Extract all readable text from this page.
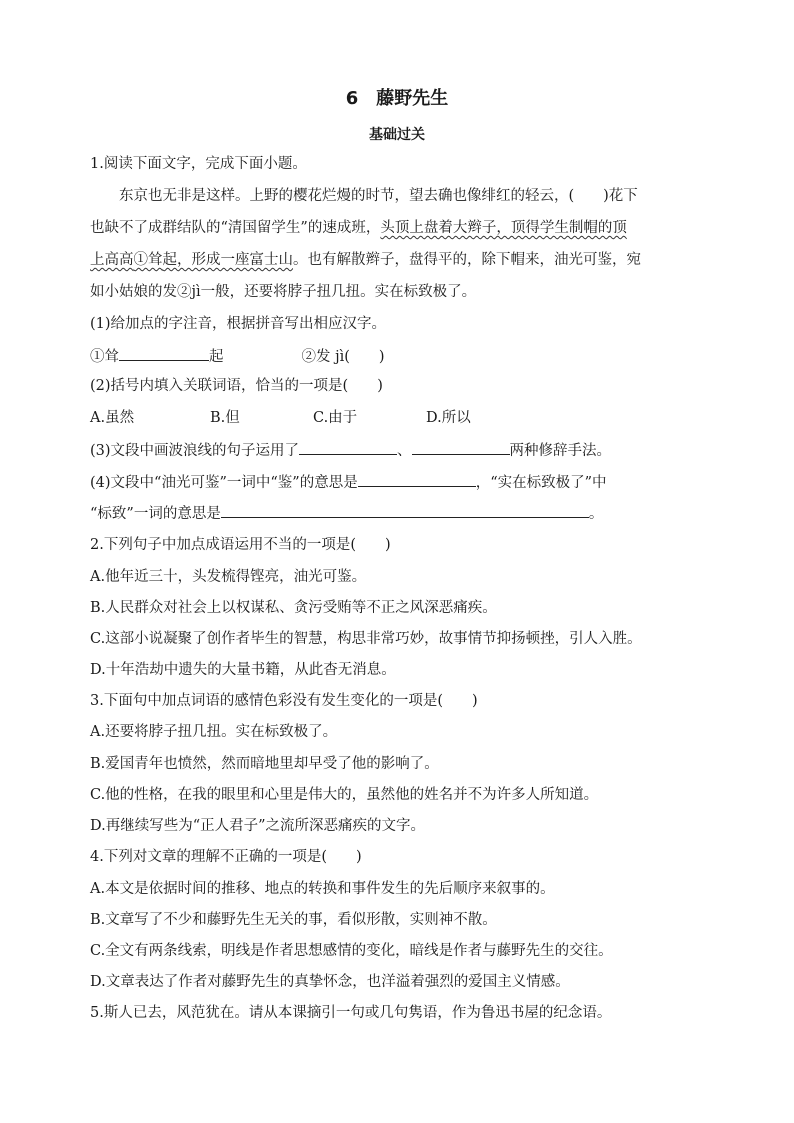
6　藤野先生
基础过关
1.阅读下面文字，完成下面小题。
东京也无非是这样。上野的樱花烂熳的时节，望去确也像绯红的轻云，(　　)花下
也缺不了成群结队的“清国留学生”的速成班，头顶上盘着大辫子，顶得学生制帽的顶
上高高①耸起，形成一座富士山。也有解散辫子，盘得平的，除下帽来，油光可鉴，宛
如小姑娘的发②jì一般，还要将脖子扭几扭。实在标致极了。
(1)给加点的字注音，根据拼音写出相应汉字。
①耸	起	②发 jì(　　)
(2)括号内填入关联词语，恰当的一项是(　　)
A.虽然	B.但	C.由于	D.所以
(3)文段中画波浪线的句子运用了	、	两种修辞手法。
(4)文段中“油光可鉴”一词中“鉴”的意思是	，“实在标致极了”中
“标致”一词的意思是	。
2.下列句子中加点成语运用不当的一项是(　　)
A.他年近三十，头发梳得铿亮，油光可鉴。
B.人民群众对社会上以权谋私、贪污受贿等不正之风深恶痛疾。
C.这部小说凝聚了创作者毕生的智慧，构思非常巧妙，故事情节抑扬顿挫，引人入胜。
D.十年浩劫中遗失的大量书籍，从此杳无消息。
3.下面句中加点词语的感情色彩没有发生变化的一项是(　　)
A.还要将脖子扭几扭。实在标致极了。
B.爱国青年也愤然，然而暗地里却早受了他的影响了。
C.他的性格，在我的眼里和心里是伟大的，虽然他的姓名并不为许多人所知道。
D.再继续写些为“正人君子”之流所深恶痛疾的文字。
4.下列对文章的理解不正确的一项是(　　)
A.本文是依据时间的推移、地点的转换和事件发生的先后顺序来叙事的。
B.文章写了不少和藤野先生无关的事，看似形散，实则神不散。
C.全文有两条线索，明线是作者思想感情的变化，暗线是作者与藤野先生的交往。
D.文章表达了作者对藤野先生的真挚怀念，也洋溢着强烈的爱国主义情感。
5.斯人已去，风范犹在。请从本课摘引一句或几句隽语，作为鲁迅书屋的纪念语。
